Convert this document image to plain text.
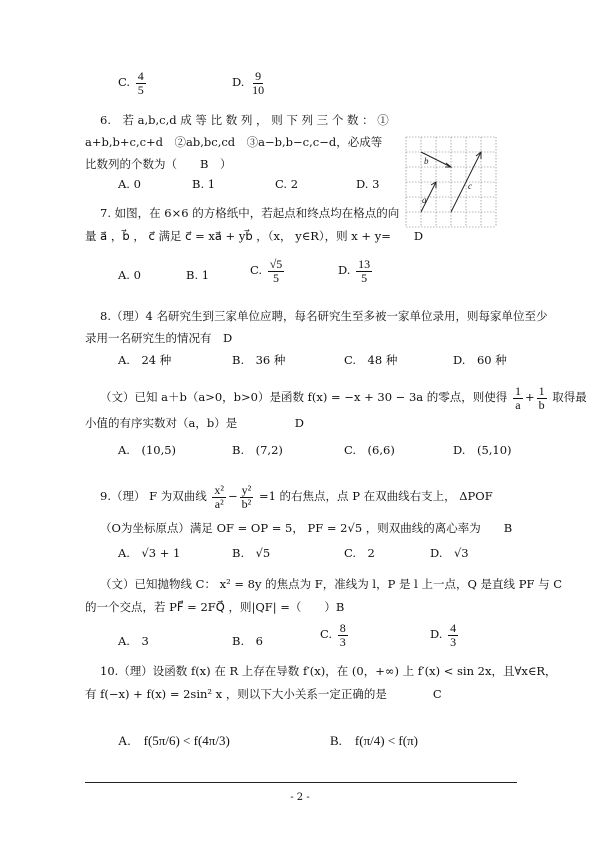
C. $\frac{4}{5}$	D. $\frac{9}{10}$
6.　若 a,b,c,d 成 等 比 数 列 ， 则 下 列 三 个 数 ： ①
a+b,b+c,c+d　②ab,bc,cd　③a−b,b−c,c−d，必成等
比数列的个数为（　　B　）
A. 0	B. 1	C. 2	D. 3
b
a
c
7. 如图，在 6×6 的方格纸中，若起点和终点均在格点的向
量 a⃗ ，b⃗ ， c⃗ 满足 c⃗ = xa⃗ + yb⃗ ，（x， y∈R），则 x + y=　　D
A. 0	B. 1	C. $\frac{√5}{5}$	D. $\frac{13}{5}$
8.（理）4 名研究生到三家单位应聘，每名研究生至多被一家单位录用，则每家单位至少
录用一名研究生的情况有　D
A.　24 种	B.　36 种	C.　48 种	D.　60 种
（文）已知 a＋b（a>0，b>0）是函数 f(x) = −x + 30 − 3a 的零点，则使得 $\frac{1}{a} + \frac{1}{b}$ 取得最
小值的有序实数对（a，b）是　　　　　D
A.　(10,5)	B.　(7,2)	C.　(6,6)	D.　(5,10)
9.（理） F 为双曲线 $\frac{\text{x²}}{\text{a²}} - \frac{\text{y²}}{\text{b²}} =1$ 的右焦点，点 P 在双曲线右支上， ΔPOF
（O为坐标原点）满足 OF = OP = 5， PF = 2√5 ，则双曲线的离心率为　　B
A.　√3 + 1	B.　√5	C.　2	D.　√3
（文）已知抛物线 C： x² = 8y 的焦点为 F，准线为 l，P 是 l 上一点，Q 是直线 PF 与 C
的一个交点，若 PF⃗ = 2FQ⃗ ，则|QF| =（　　）B
A.　3	B.　6	C. $\frac{8}{3}$	D. $\frac{4}{3}$
10.（理）设函数 f(x) 在 R 上存在导数 f′(x)，在 (0，+∞) 上 f′(x) < sin 2x，且∀x∈R，
有 f(−x) + f(x) = 2sin² x ，则以下大小关系一定正确的是　　　　C
A.　f(5π/6) < f(4π/3)	B.　f(π/4) < f(π)
- 2 -
